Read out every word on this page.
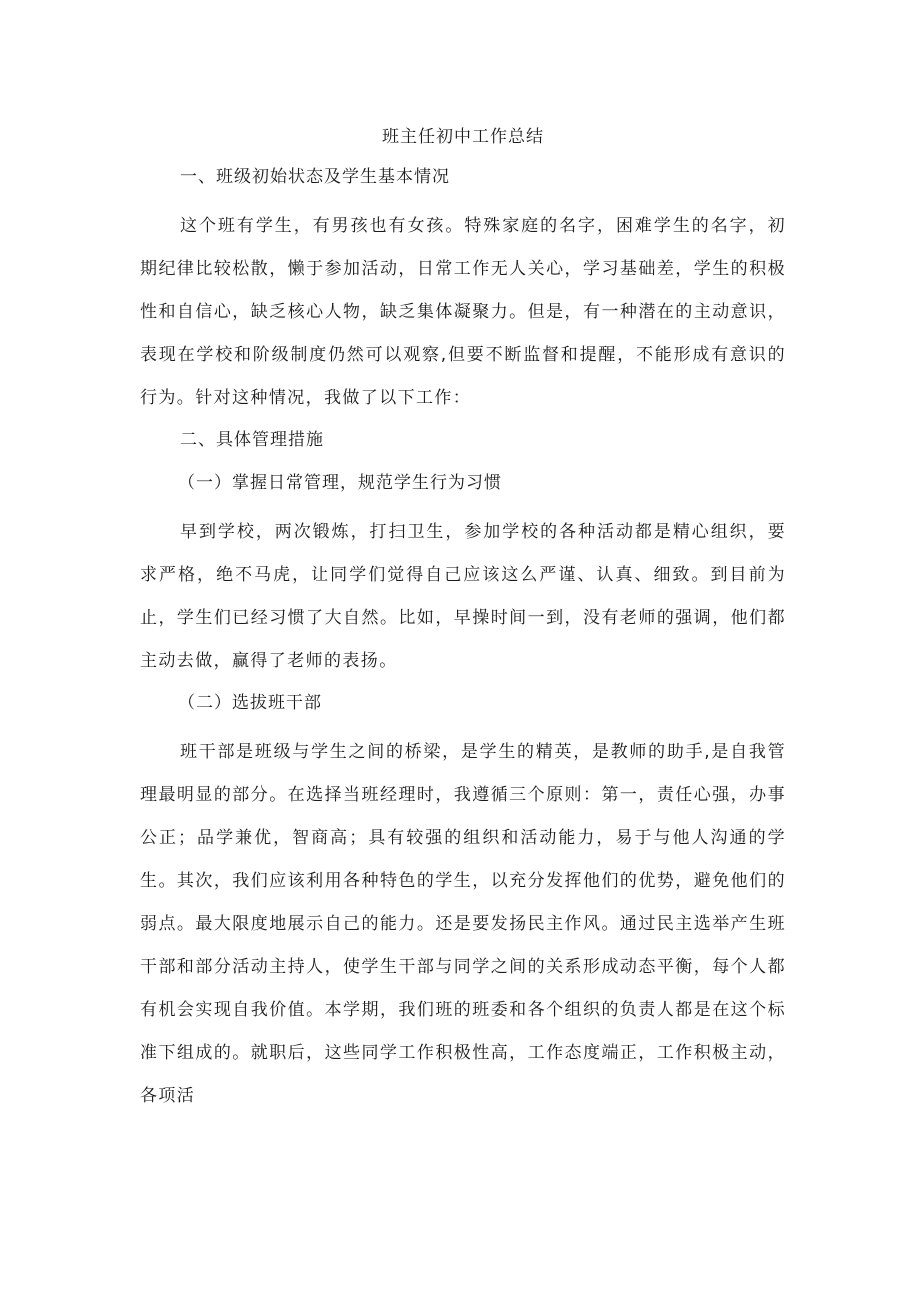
班主任初中工作总结
一、班级初始状态及学生基本情况

这个班有学生，有男孩也有女孩。特殊家庭的名字，困难学生的名字，初期纪律比较松散，懒于参加活动，日常工作无人关心，学习基础差，学生的积极性和自信心，缺乏核心人物，缺乏集体凝聚力。但是，有一种潜在的主动意识，表现在学校和阶级制度仍然可以观察,但要不断监督和提醒，不能形成有意识的行为。针对这种情况，我做了以下工作：

二、具体管理措施
（一）掌握日常管理，规范学生行为习惯

早到学校，两次锻炼，打扫卫生，参加学校的各种活动都是精心组织，要求严格，绝不马虎，让同学们觉得自己应该这么严谨、认真、细致。到目前为止，学生们已经习惯了大自然。比如，早操时间一到，没有老师的强调，他们都主动去做，赢得了老师的表扬。

（二）选拔班干部

班干部是班级与学生之间的桥梁，是学生的精英，是教师的助手,是自我管理最明显的部分。在选择当班经理时，我遵循三个原则：第一，责任心强，办事公正；品学兼优，智商高；具有较强的组织和活动能力，易于与他人沟通的学生。其次，我们应该利用各种特色的学生，以充分发挥他们的优势，避免他们的弱点。最大限度地展示自己的能力。还是要发扬民主作风。通过民主选举产生班干部和部分活动主持人，使学生干部与同学之间的关系形成动态平衡，每个人都有机会实现自我价值。本学期，我们班的班委和各个组织的负责人都是在这个标准下组成的。就职后，这些同学工作积极性高，工作态度端正，工作积极主动，各项活
